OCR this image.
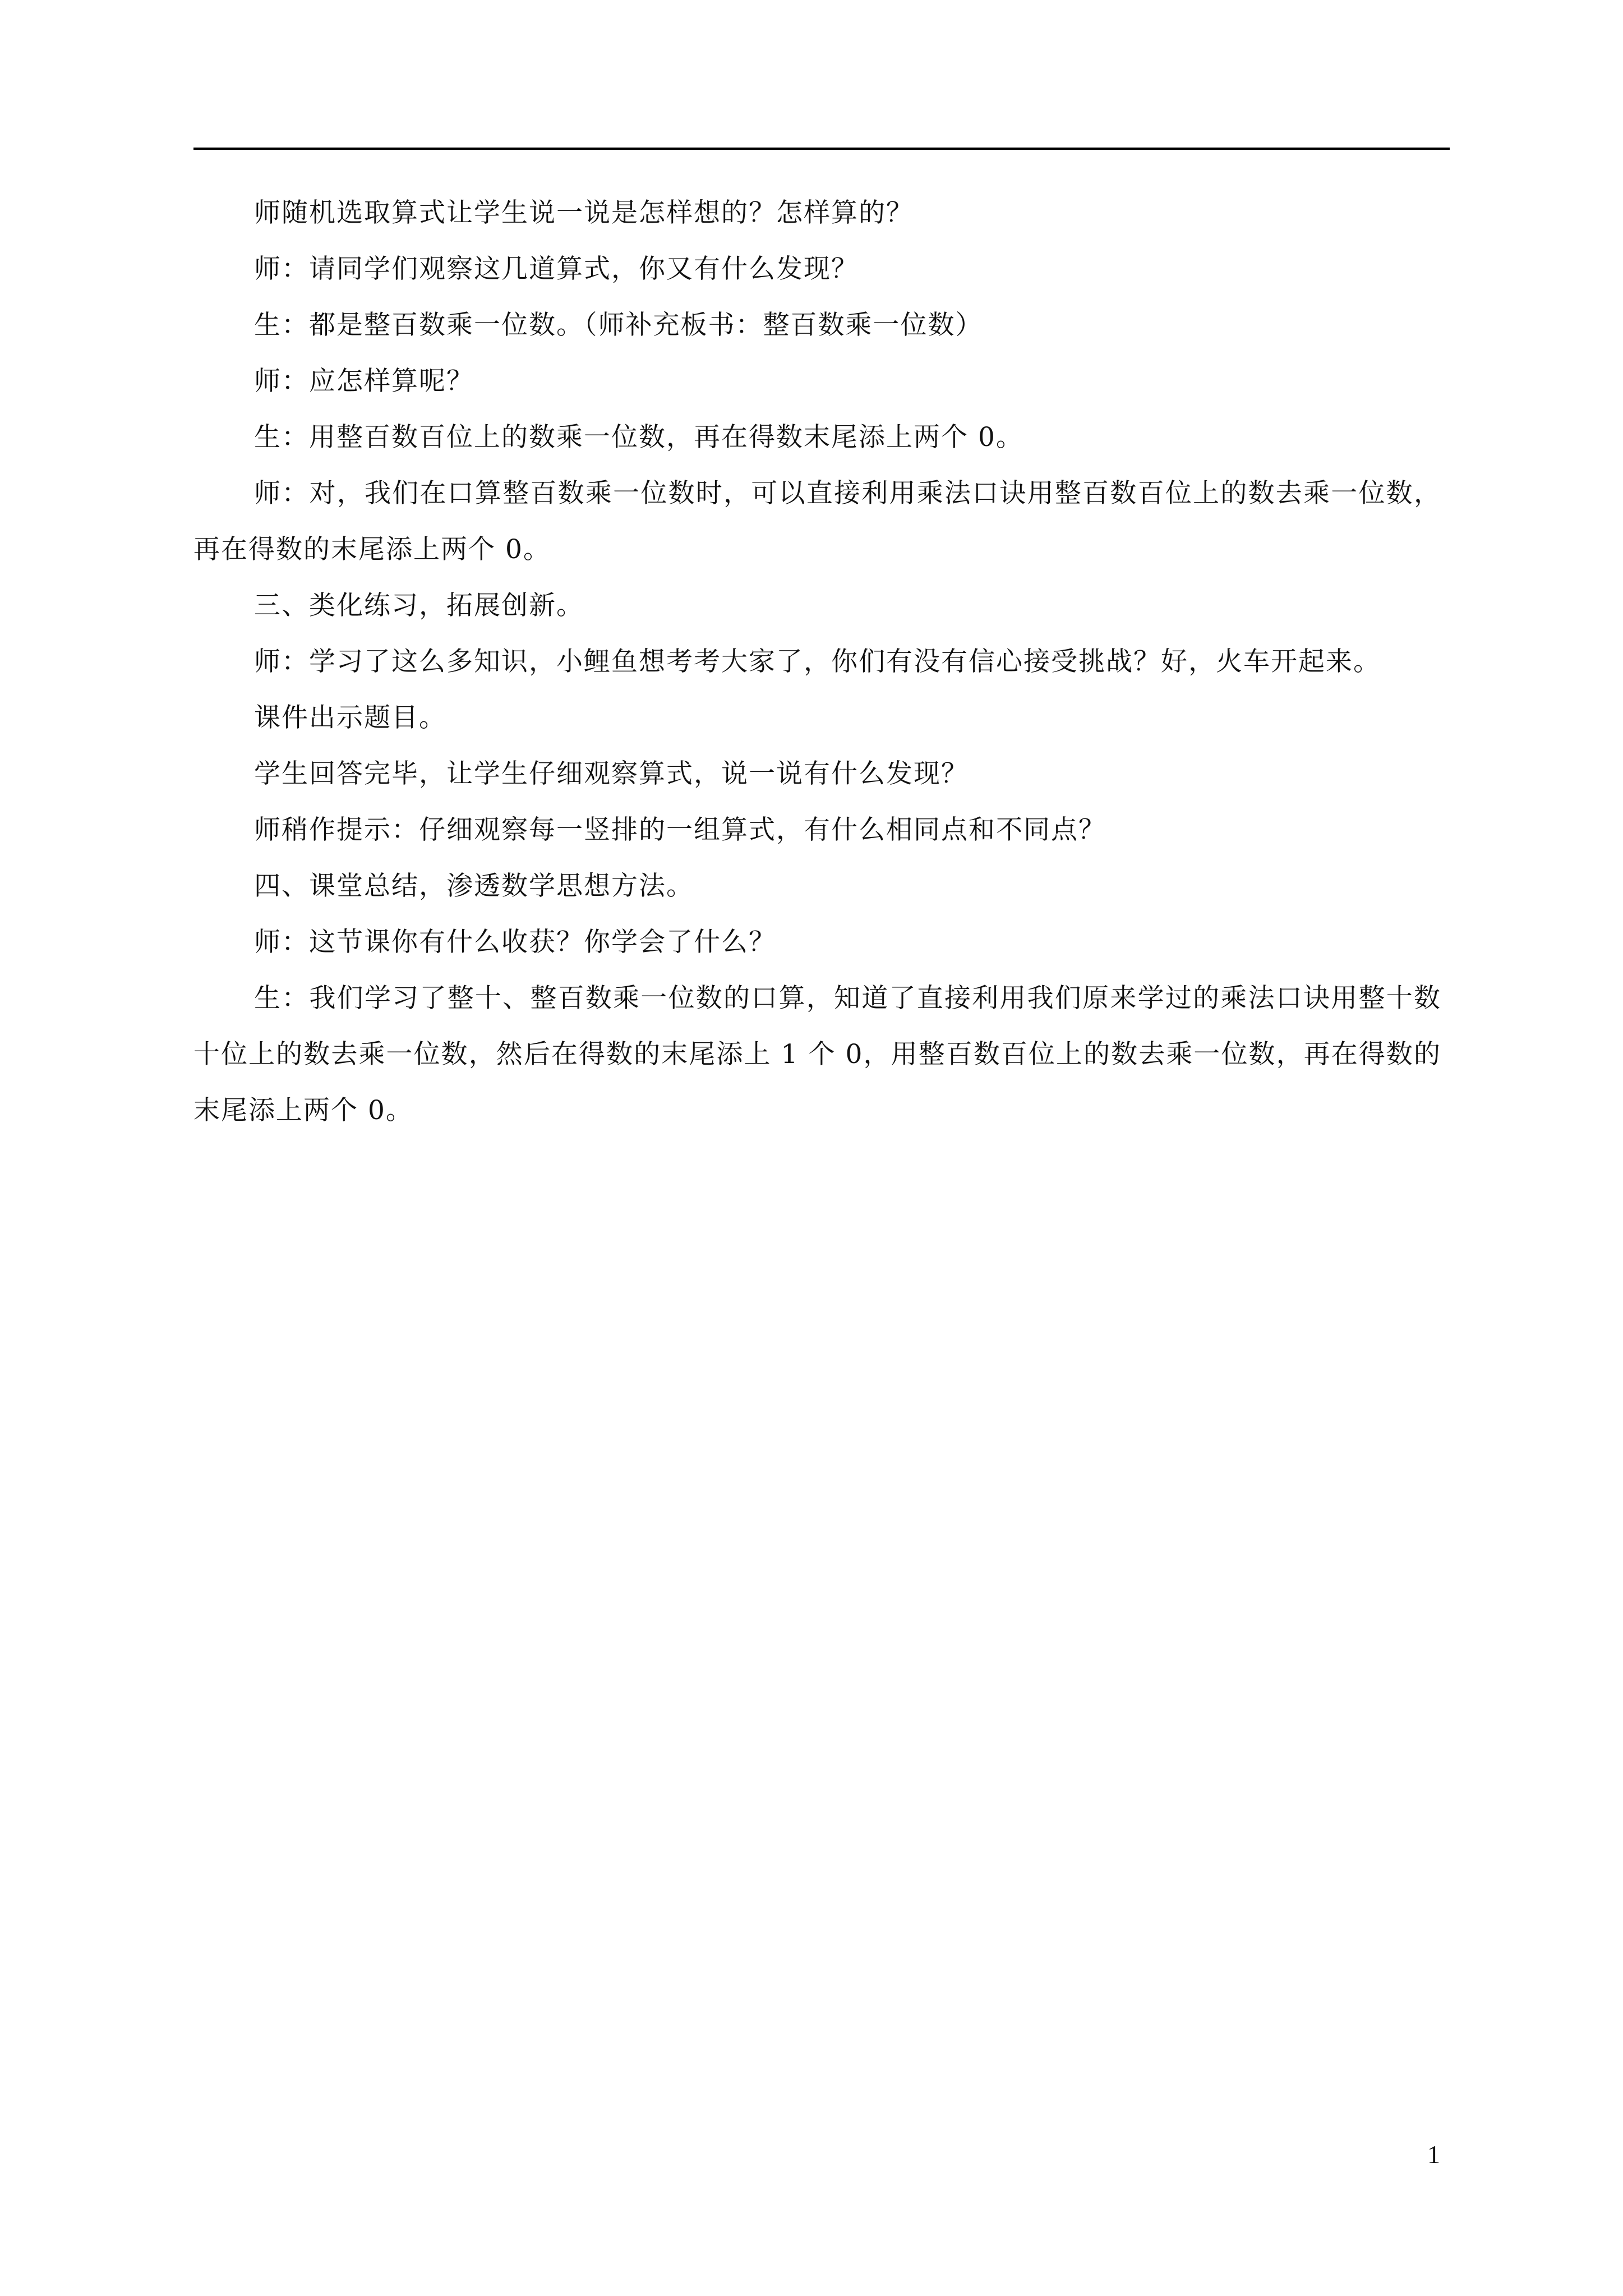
师随机选取算式让学生说一说是怎样想的？怎样算的？

师：请同学们观察这几道算式，你又有什么发现？

生：都是整百数乘一位数。（师补充板书：整百数乘一位数）

师：应怎样算呢？

生：用整百数百位上的数乘一位数，再在得数末尾添上两个 0。

师：对，我们在口算整百数乘一位数时，可以直接利用乘法口诀用整百数百位上的数去乘一位数，再在得数的末尾添上两个 0。

三、类化练习，拓展创新。

师：学习了这么多知识，小鲤鱼想考考大家了，你们有没有信心接受挑战？好，火车开起来。

课件出示题目。

学生回答完毕，让学生仔细观察算式，说一说有什么发现？

师稍作提示：仔细观察每一竖排的一组算式，有什么相同点和不同点？

四、课堂总结，渗透数学思想方法。

师：这节课你有什么收获？你学会了什么？

生：我们学习了整十、整百数乘一位数的口算，知道了直接利用我们原来学过的乘法口诀用整十数十位上的数去乘一位数，然后在得数的末尾添上 1 个 0，用整百数百位上的数去乘一位数，再在得数的末尾添上两个 0。

1
